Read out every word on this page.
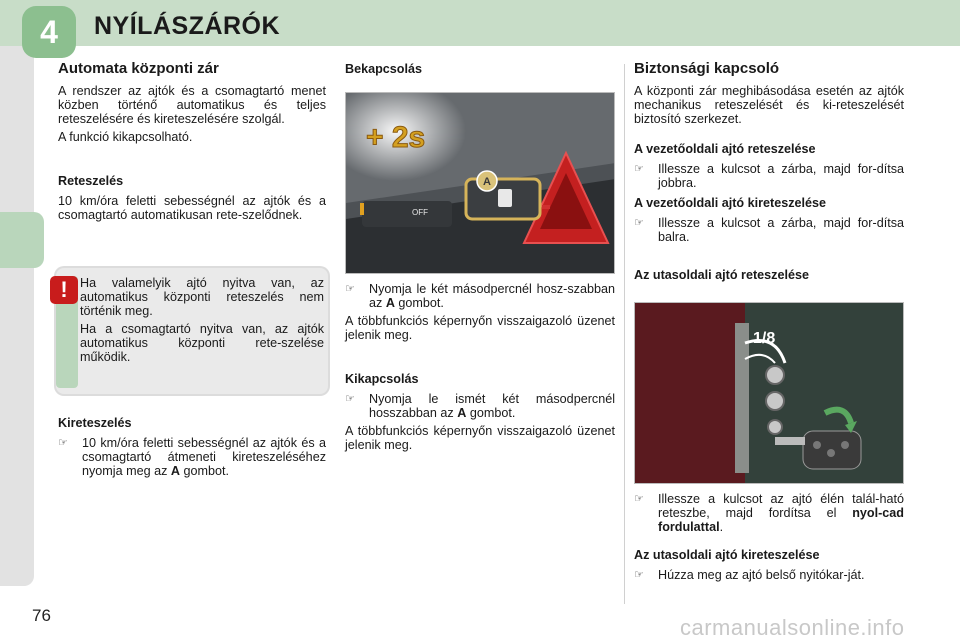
4	NYÍLÁSZÁRÓK
Automata központi zár

A rendszer az ajtók és a csomagtartó menet közben történő automatikus és teljes reteszelésére és kireteszelésére szolgál.

A funkció kikapcsolható.

Reteszelés

10 km/óra feletti sebességnél az ajtók és a csomagtartó automatikusan rete-szelődnek.

! Ha valamelyik ajtó nyitva van, az automatikus központi reteszelés nem történik meg.

Ha a csomagtartó nyitva van, az ajtók automatikus központi rete-szelése működik.

Kireteszelés
☞ 10 km/óra feletti sebességnél az ajtók és a csomagtartó átmeneti kireteszeléséhez nyomja meg az A gombot.
Bekapcsolás
A
OFF
+ 2s
☞ Nyomja le két másodpercnél hosz-szabban az A gombot.

A többfunkciós képernyőn visszaigazoló üzenet jelenik meg.

Kikapcsolás
☞ Nyomja le ismét két másodpercnél hosszabban az A gombot.

A többfunkciós képernyőn visszaigazoló üzenet jelenik meg.

Biztonsági kapcsoló

A központi zár meghibásodása esetén az ajtók mechanikus reteszelését és ki-reteszelését biztosító szerkezet.

A vezetőoldali ajtó reteszelése
☞ Illessze a kulcsot a zárba, majd for-dítsa jobbra.
A vezetőoldali ajtó kireteszelése
☞ Illessze a kulcsot a zárba, majd for-dítsa balra.
Az utasoldali ajtó reteszelése
1/8
☞ Illessze a kulcsot az ajtó élén talál-ható reteszbe, majd fordítsa el nyol-cad fordulattal.
Az utasoldali ajtó kireteszelése
☞ Húzza meg az ajtó belső nyitókar-ját.
76	carmanualsonline.info
